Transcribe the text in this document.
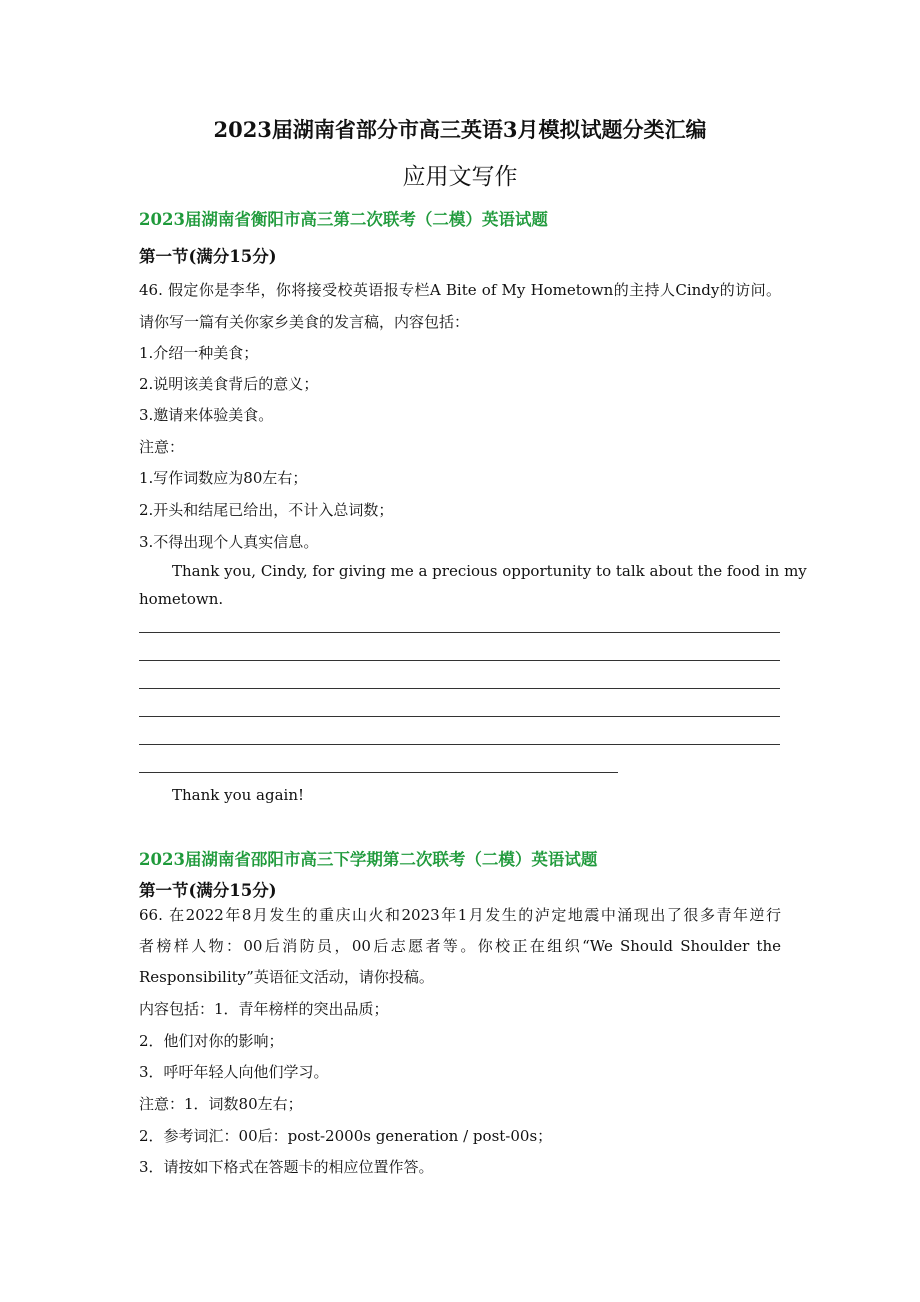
2023届湖南省部分市高三英语3月模拟试题分类汇编
应用文写作
2023届湖南省衡阳市高三第二次联考（二模）英语试题
第一节(满分15分)
46. 假定你是李华，你将接受校英语报专栏A Bite of My Hometown的主持人Cindy的访问。
请你写一篇有关你家乡美食的发言稿，内容包括：
1.介绍一种美食；
2.说明该美食背后的意义；
3.邀请来体验美食。
注意：
1.写作词数应为80左右；
2.开头和结尾已给出，不计入总词数；
3.不得出现个人真实信息。
Thank you, Cindy, for giving me a precious opportunity to talk about the food in my
hometown.
Thank you again!
2023届湖南省邵阳市高三下学期第二次联考（二模）英语试题
第一节(满分15分)
66. 在2022年8月发生的重庆山火和2023年1月发生的泸定地震中涌现出了很多青年逆行
者榜样人物：00后消防员，00后志愿者等。你校正在组织“We Should Shoulder the
Responsibility”英语征文活动，请你投稿。
内容包括：1．青年榜样的突出品质；
2．他们对你的影响；
3．呼吁年轻人向他们学习。
注意：1．词数80左右；
2．参考词汇：00后：post-2000s generation / post-00s；
3．请按如下格式在答题卡的相应位置作答。
